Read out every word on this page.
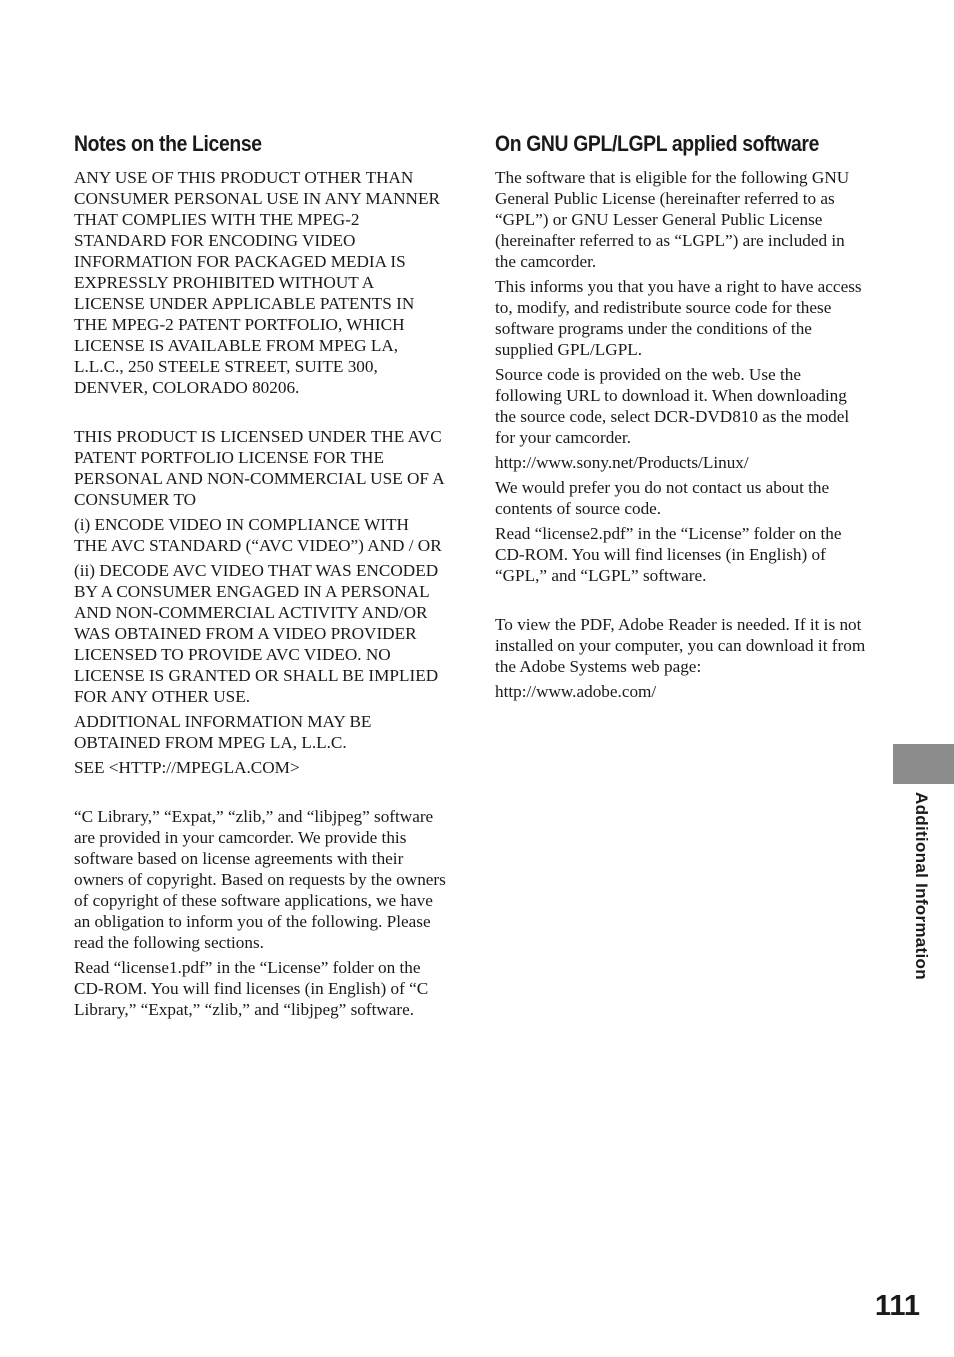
Notes on the License

ANY USE OF THIS PRODUCT OTHER THAN CONSUMER PERSONAL USE IN ANY MANNER THAT COMPLIES WITH THE MPEG-2 STANDARD FOR ENCODING VIDEO INFORMATION FOR PACKAGED MEDIA IS EXPRESSLY PROHIBITED WITHOUT A LICENSE UNDER APPLICABLE PATENTS IN THE MPEG-2 PATENT PORTFOLIO, WHICH LICENSE IS AVAILABLE FROM MPEG LA, L.L.C., 250 STEELE STREET, SUITE 300, DENVER, COLORADO 80206.

THIS PRODUCT IS LICENSED UNDER THE AVC PATENT PORTFOLIO LICENSE FOR THE PERSONAL AND NON-COMMERCIAL USE OF A CONSUMER TO

(i) ENCODE VIDEO IN COMPLIANCE WITH THE AVC STANDARD (“AVC VIDEO”) AND / OR

(ii) DECODE AVC VIDEO THAT WAS ENCODED BY A CONSUMER ENGAGED IN A PERSONAL AND NON-COMMERCIAL ACTIVITY AND/OR WAS OBTAINED FROM A VIDEO PROVIDER LICENSED TO PROVIDE AVC VIDEO. NO LICENSE IS GRANTED OR SHALL BE IMPLIED FOR ANY OTHER USE.

ADDITIONAL INFORMATION MAY BE OBTAINED FROM MPEG LA, L.L.C.

SEE <HTTP://MPEGLA.COM>

“C Library,” “Expat,” “zlib,” and “libjpeg” software are provided in your camcorder. We provide this software based on license agreements with their owners of copyright. Based on requests by the owners of copyright of these software applications, we have an obligation to inform you of the following. Please read the following sections.

Read “license1.pdf” in the “License” folder on the CD-ROM. You will find licenses (in English) of “C Library,” “Expat,” “zlib,” and “libjpeg” software.

On GNU GPL/LGPL applied software

The software that is eligible for the following GNU General Public License (hereinafter referred to as “GPL”) or GNU Lesser General Public License (hereinafter referred to as “LGPL”) are included in the camcorder.

This informs you that you have a right to have access to, modify, and redistribute source code for these software programs under the conditions of the supplied GPL/LGPL.

Source code is provided on the web. Use the following URL to download it. When downloading the source code, select DCR-DVD810 as the model for your camcorder.

http://www.sony.net/Products/Linux/

We would prefer you do not contact us about the contents of source code.

Read “license2.pdf” in the “License” folder on the CD-ROM. You will find licenses (in English) of “GPL,” and “LGPL” software.

To view the PDF, Adobe Reader is needed. If it is not installed on your computer, you can download it from the Adobe Systems web page:

http://www.adobe.com/

Additional Information
111
